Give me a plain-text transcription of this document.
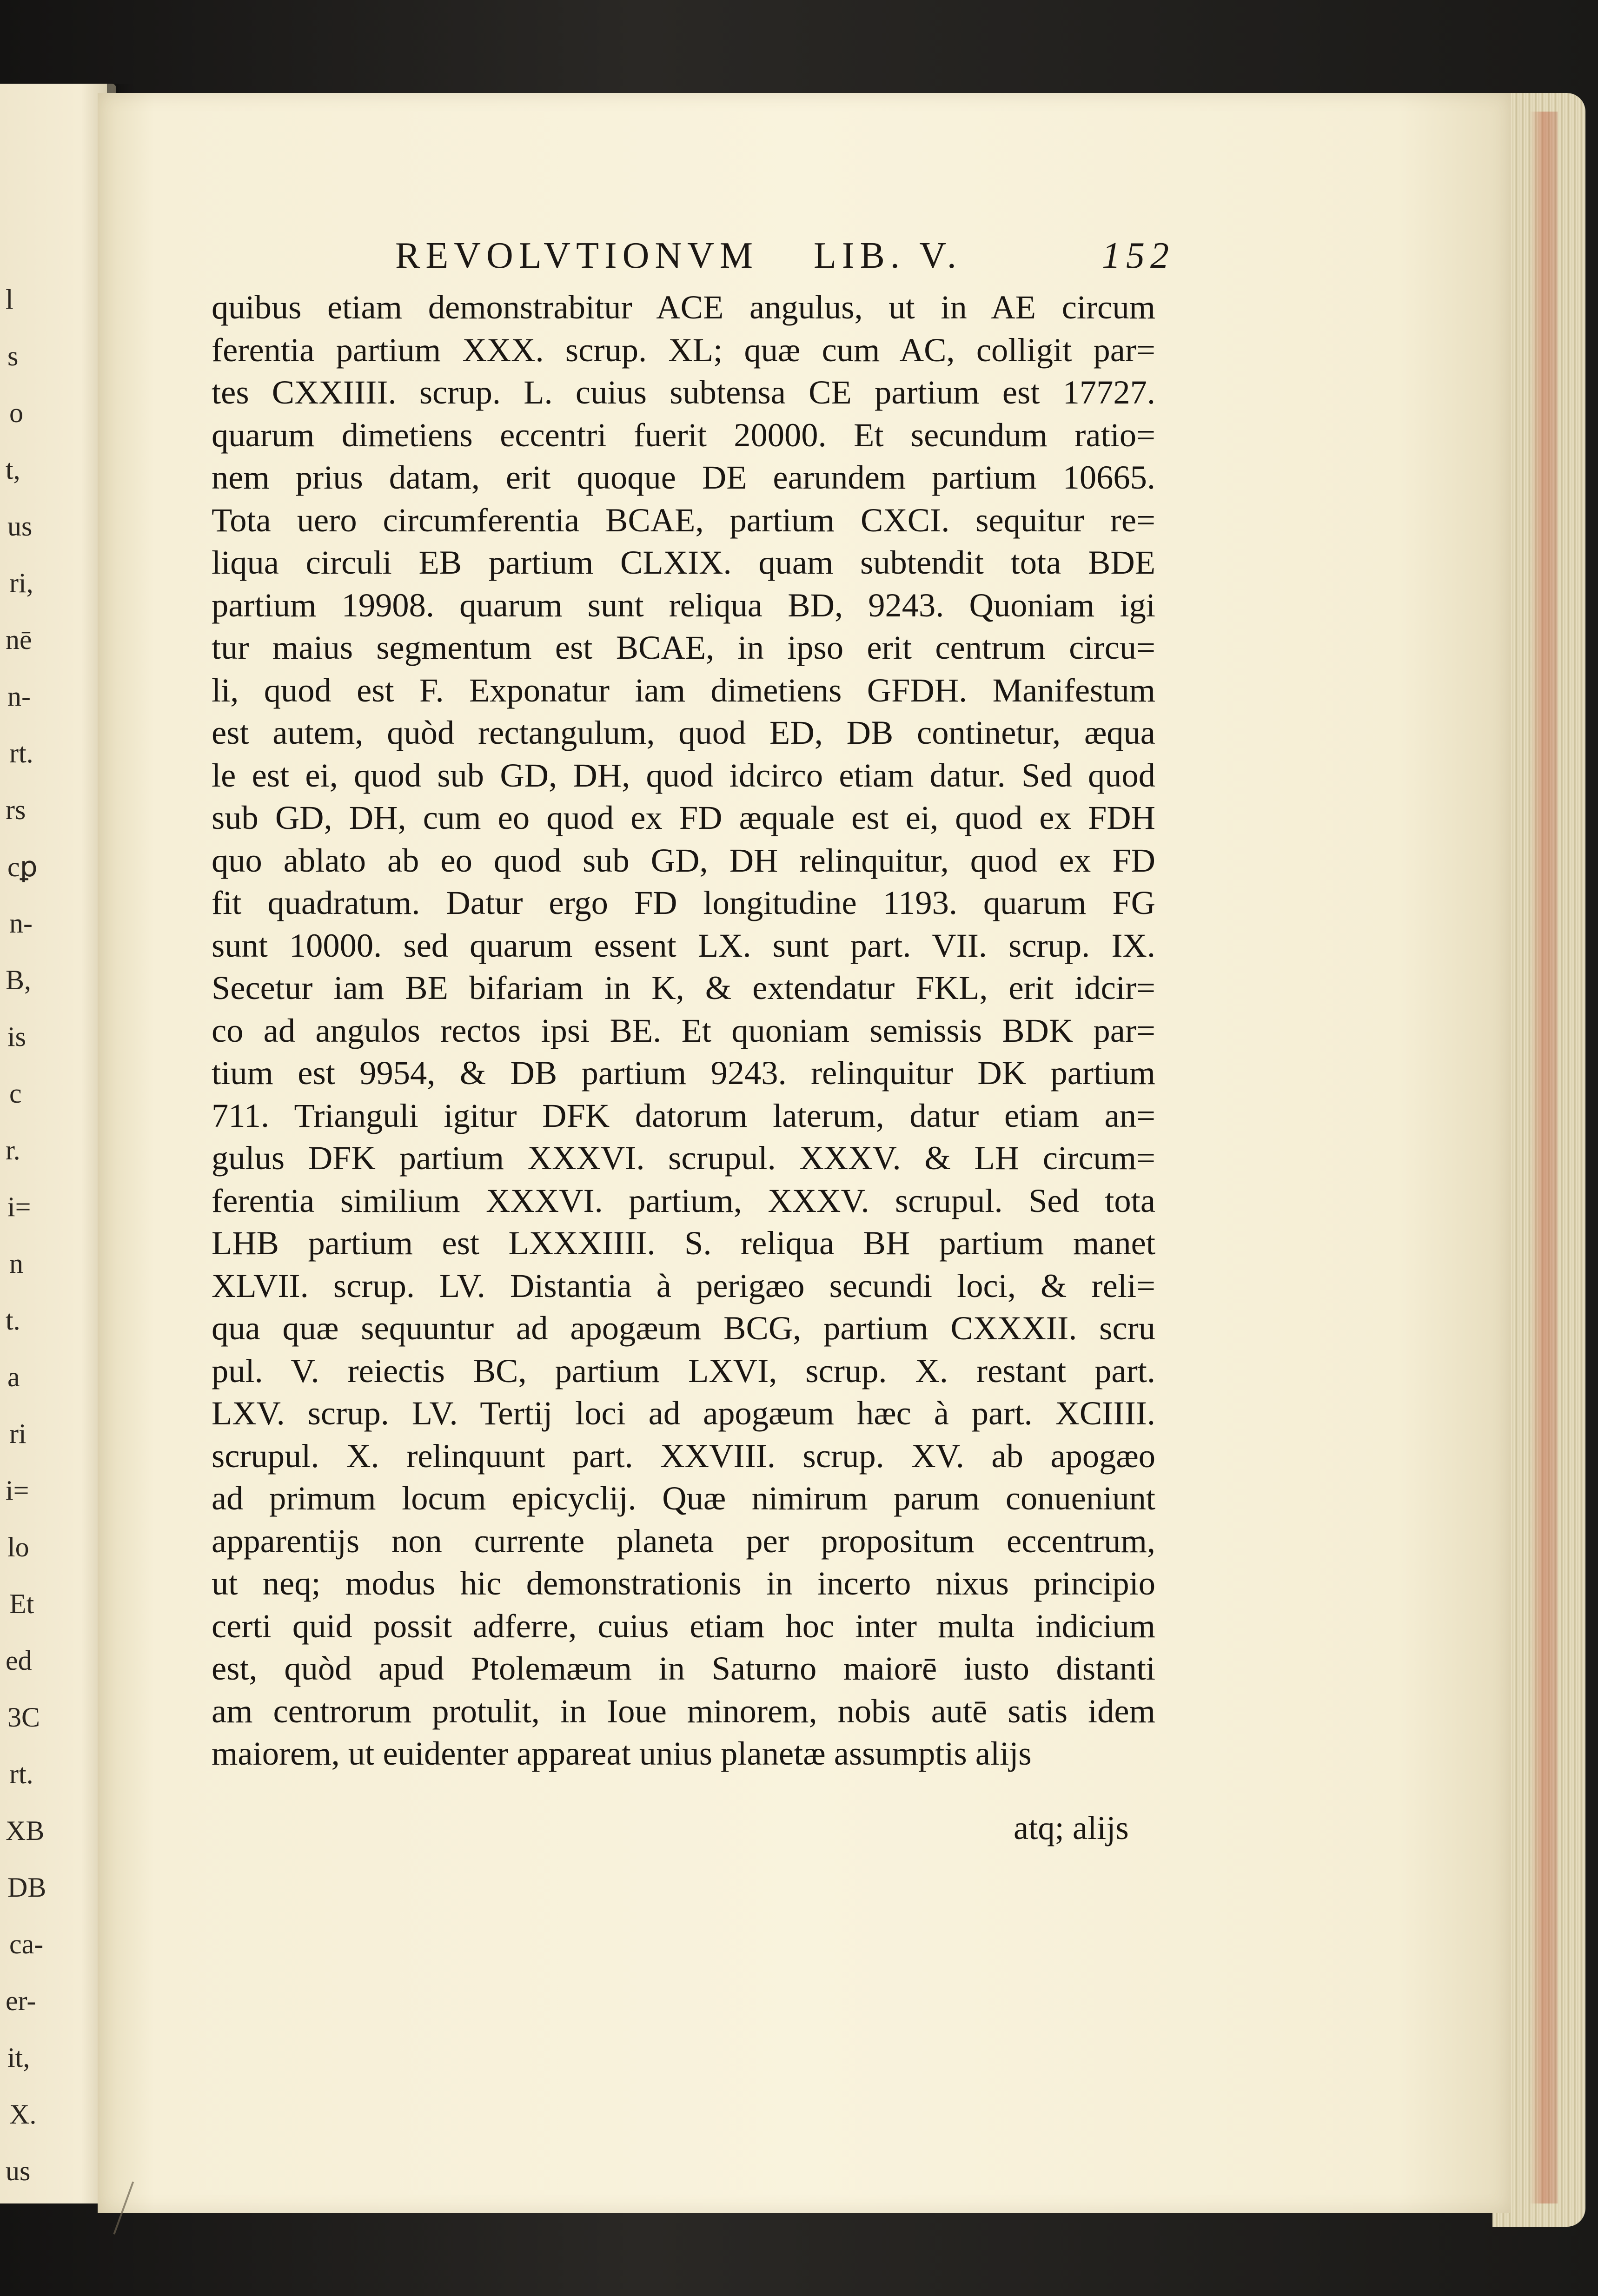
l
s
o
t,
us
ri,
nē
n-
rt.
rs
cꝑ
n-
B,
is
c
r.
i=
n
t.
a
ri
i=
lo
Et
ed
3C
rt.
XB
DB
ca-
er-
it,
X.
us
REVOLVTIONVM LIB. V.	152
quibus etiam demonstrabitur ACE angulus, ut in AE circum
ferentia partium XXX. scrup. XL; quæ cum AC, colligit par=
tes CXXIIII. scrup. L. cuius subtensa CE partium est 17727.
quarum dimetiens eccentri fuerit 20000. Et secundum ratio=
nem prius datam, erit quoque DE earundem partium 10665.
Tota uero circumferentia BCAE, partium CXCI. sequitur re=
liqua circuli EB partium CLXIX. quam subtendit tota BDE
partium 19908. quarum sunt reliqua BD, 9243. Quoniam igi
tur maius segmentum est BCAE, in ipso erit centrum circu=
li, quod est F. Exponatur iam dimetiens GFDH. Manifestum
est autem, quòd rectangulum, quod ED, DB continetur, æqua
le est ei, quod sub GD, DH, quod idcirco etiam datur. Sed quod
sub GD, DH, cum eo quod ex FD æquale est ei, quod ex FDH
quo ablato ab eo quod sub GD, DH relinquitur, quod ex FD
fit quadratum. Datur ergo FD longitudine 1193. quarum FG
sunt 10000. sed quarum essent LX. sunt part. VII. scrup. IX.
Secetur iam BE bifariam in K, & extendatur FKL, erit idcir=
co ad angulos rectos ipsi BE. Et quoniam semissis BDK par=
tium est 9954, & DB partium 9243. relinquitur DK partium
711. Trianguli igitur DFK datorum laterum, datur etiam an=
gulus DFK partium XXXVI. scrupul. XXXV. & LH circum=
ferentia similium XXXVI. partium, XXXV. scrupul. Sed tota
LHB partium est LXXXIIII. S. reliqua BH partium manet
XLVII. scrup. LV. Distantia à perigæo secundi loci, & reli=
qua quæ sequuntur ad apogæum BCG, partium CXXXII. scru
pul. V. reiectis BC, partium LXVI, scrup. X. restant part.
LXV. scrup. LV. Tertij loci ad apogæum hæc à part. XCIIII.
scrupul. X. relinquunt part. XXVIII. scrup. XV. ab apogæo
ad primum locum epicyclij. Quæ nimirum parum conueniunt
apparentijs non currente planeta per propositum eccentrum,
ut neq; modus hic demonstrationis in incerto nixus principio
certi quid possit adferre, cuius etiam hoc inter multa indicium
est, quòd apud Ptolemæum in Saturno maiorē iusto distanti
am centrorum protulit, in Ioue minorem, nobis autē satis idem
maiorem, ut euidenter appareat unius planetæ assumptis alijs
atq; alijs
